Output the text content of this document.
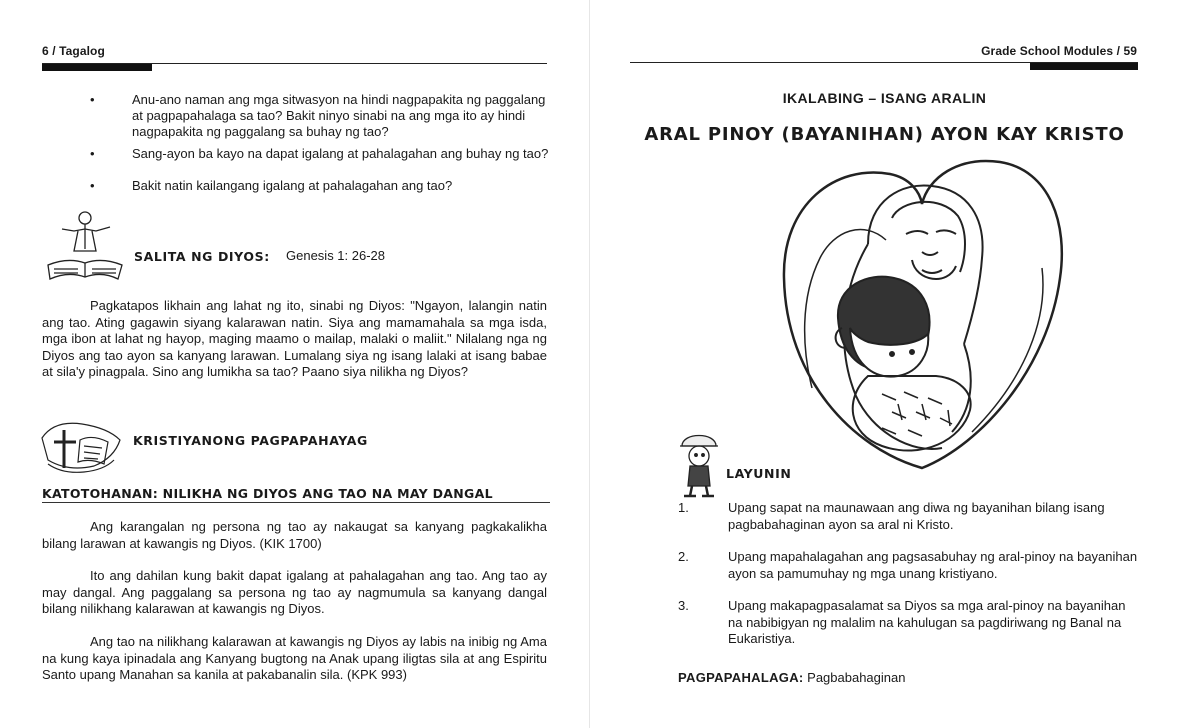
6 / Tagalog
•	Anu-ano naman ang mga sitwasyon na hindi nagpapakita ng paggalang at pagpapahalaga sa tao? Bakit ninyo sinabi na ang mga ito ay hindi nagpapakita ng paggalang sa buhay ng tao?
•	Sang-ayon ba kayo na dapat igalang at pahalagahan ang buhay ng tao?
•	Bakit natin kailangang igalang at pahalagahan ang tao?
SALITA NG DIYOS: Genesis 1: 26-28

Pagkatapos likhain ang lahat ng ito, sinabi ng Diyos: "Ngayon, lalangin natin ang tao. Ating gagawin siyang kalarawan natin. Siya ang mamamahala sa mga isda, mga ibon at lahat ng hayop, maging maamo o mailap, malaki o maliit." Nilalang nga ng Diyos ang tao ayon sa kanyang larawan. Lumalang siya ng isang lalaki at isang babae at sila'y pinagpala. Sino ang lumikha sa tao? Paano siya nilikha ng Diyos?

KRISTIYANONG PAGPAPAHAYAG
KATOTOHANAN: NILIKHA NG DIYOS ANG TAO NA MAY DANGAL

Ang karangalan ng persona ng tao ay nakaugat sa kanyang pagkakalikha bilang larawan at kawangis ng Diyos. (KIK 1700)

Ito ang dahilan kung bakit dapat igalang at pahalagahan ang tao. Ang tao ay may dangal. Ang paggalang sa persona ng tao ay nagmumula sa kanyang dangal bilang nilikhang kalarawan at kawangis ng Diyos.

Ang tao na nilikhang kalarawan at kawangis ng Diyos ay labis na inibig ng Ama na kung kaya ipinadala ang Kanyang bugtong na Anak upang iligtas sila at ang Espiritu Santo upang Manahan sa kanila at pakabanalin sila. (KPK 993)

Grade School Modules / 59
IKALABING – ISANG ARALIN
ARAL PINOY (BAYANIHAN) AYON KAY KRISTO
LAYUNIN
1.	Upang sapat na maunawaan ang diwa ng bayanihan bilang isang pagbabahaginan ayon sa aral ni Kristo.
2.	Upang mapahalagahan ang pagsasabuhay ng aral-pinoy na bayanihan ayon sa pamumuhay ng mga unang kristiyano.
3.	Upang makapagpasalamat sa Diyos sa mga aral-pinoy na bayanihan na nabibigyan ng malalim na kahulugan sa pagdiriwang ng Banal na Eukaristiya.
PAGPAPAHALAGA: Pagbabahaginan
